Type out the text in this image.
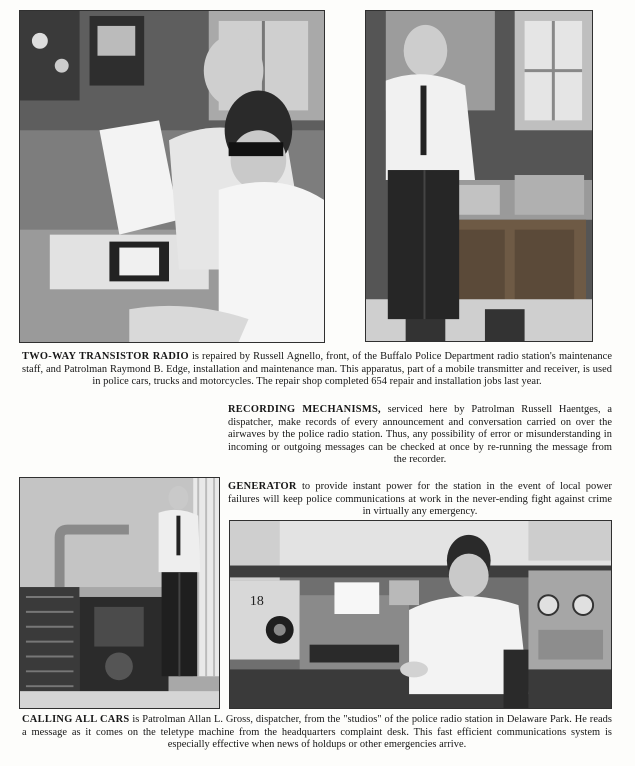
TWO-WAY TRANSISTOR RADIO is repaired by Russell Agnello, front, of the Buffalo Police Department radio station's maintenance staff, and Patrolman Raymond B. Edge, installation and maintenance man. This apparatus, part of a mobile transmitter and receiver, is used in police cars, trucks and motorcycles. The repair shop completed 654 repair and installation jobs last year.

RECORDING MECHANISMS, serviced here by Patrolman Russell Haentges, a dispatcher, make records of every announcement and conversation carried on over the airwaves by the police radio station. Thus, any possibility of error or misunderstanding in incoming or outgoing messages can be checked at once by re-running the message from the recorder.

GENERATOR to provide instant power for the station in the event of local power failures will keep police communications at work in the never-ending fight against crime in virtually any emergency.

18

CALLING ALL CARS is Patrolman Allan L. Gross, dispatcher, from the "studios" of the police radio station in Delaware Park. He reads a message as it comes on the teletype machine from the headquarters complaint desk. This fast efficient communications system is especially effective when news of holdups or other emergencies arrive.
